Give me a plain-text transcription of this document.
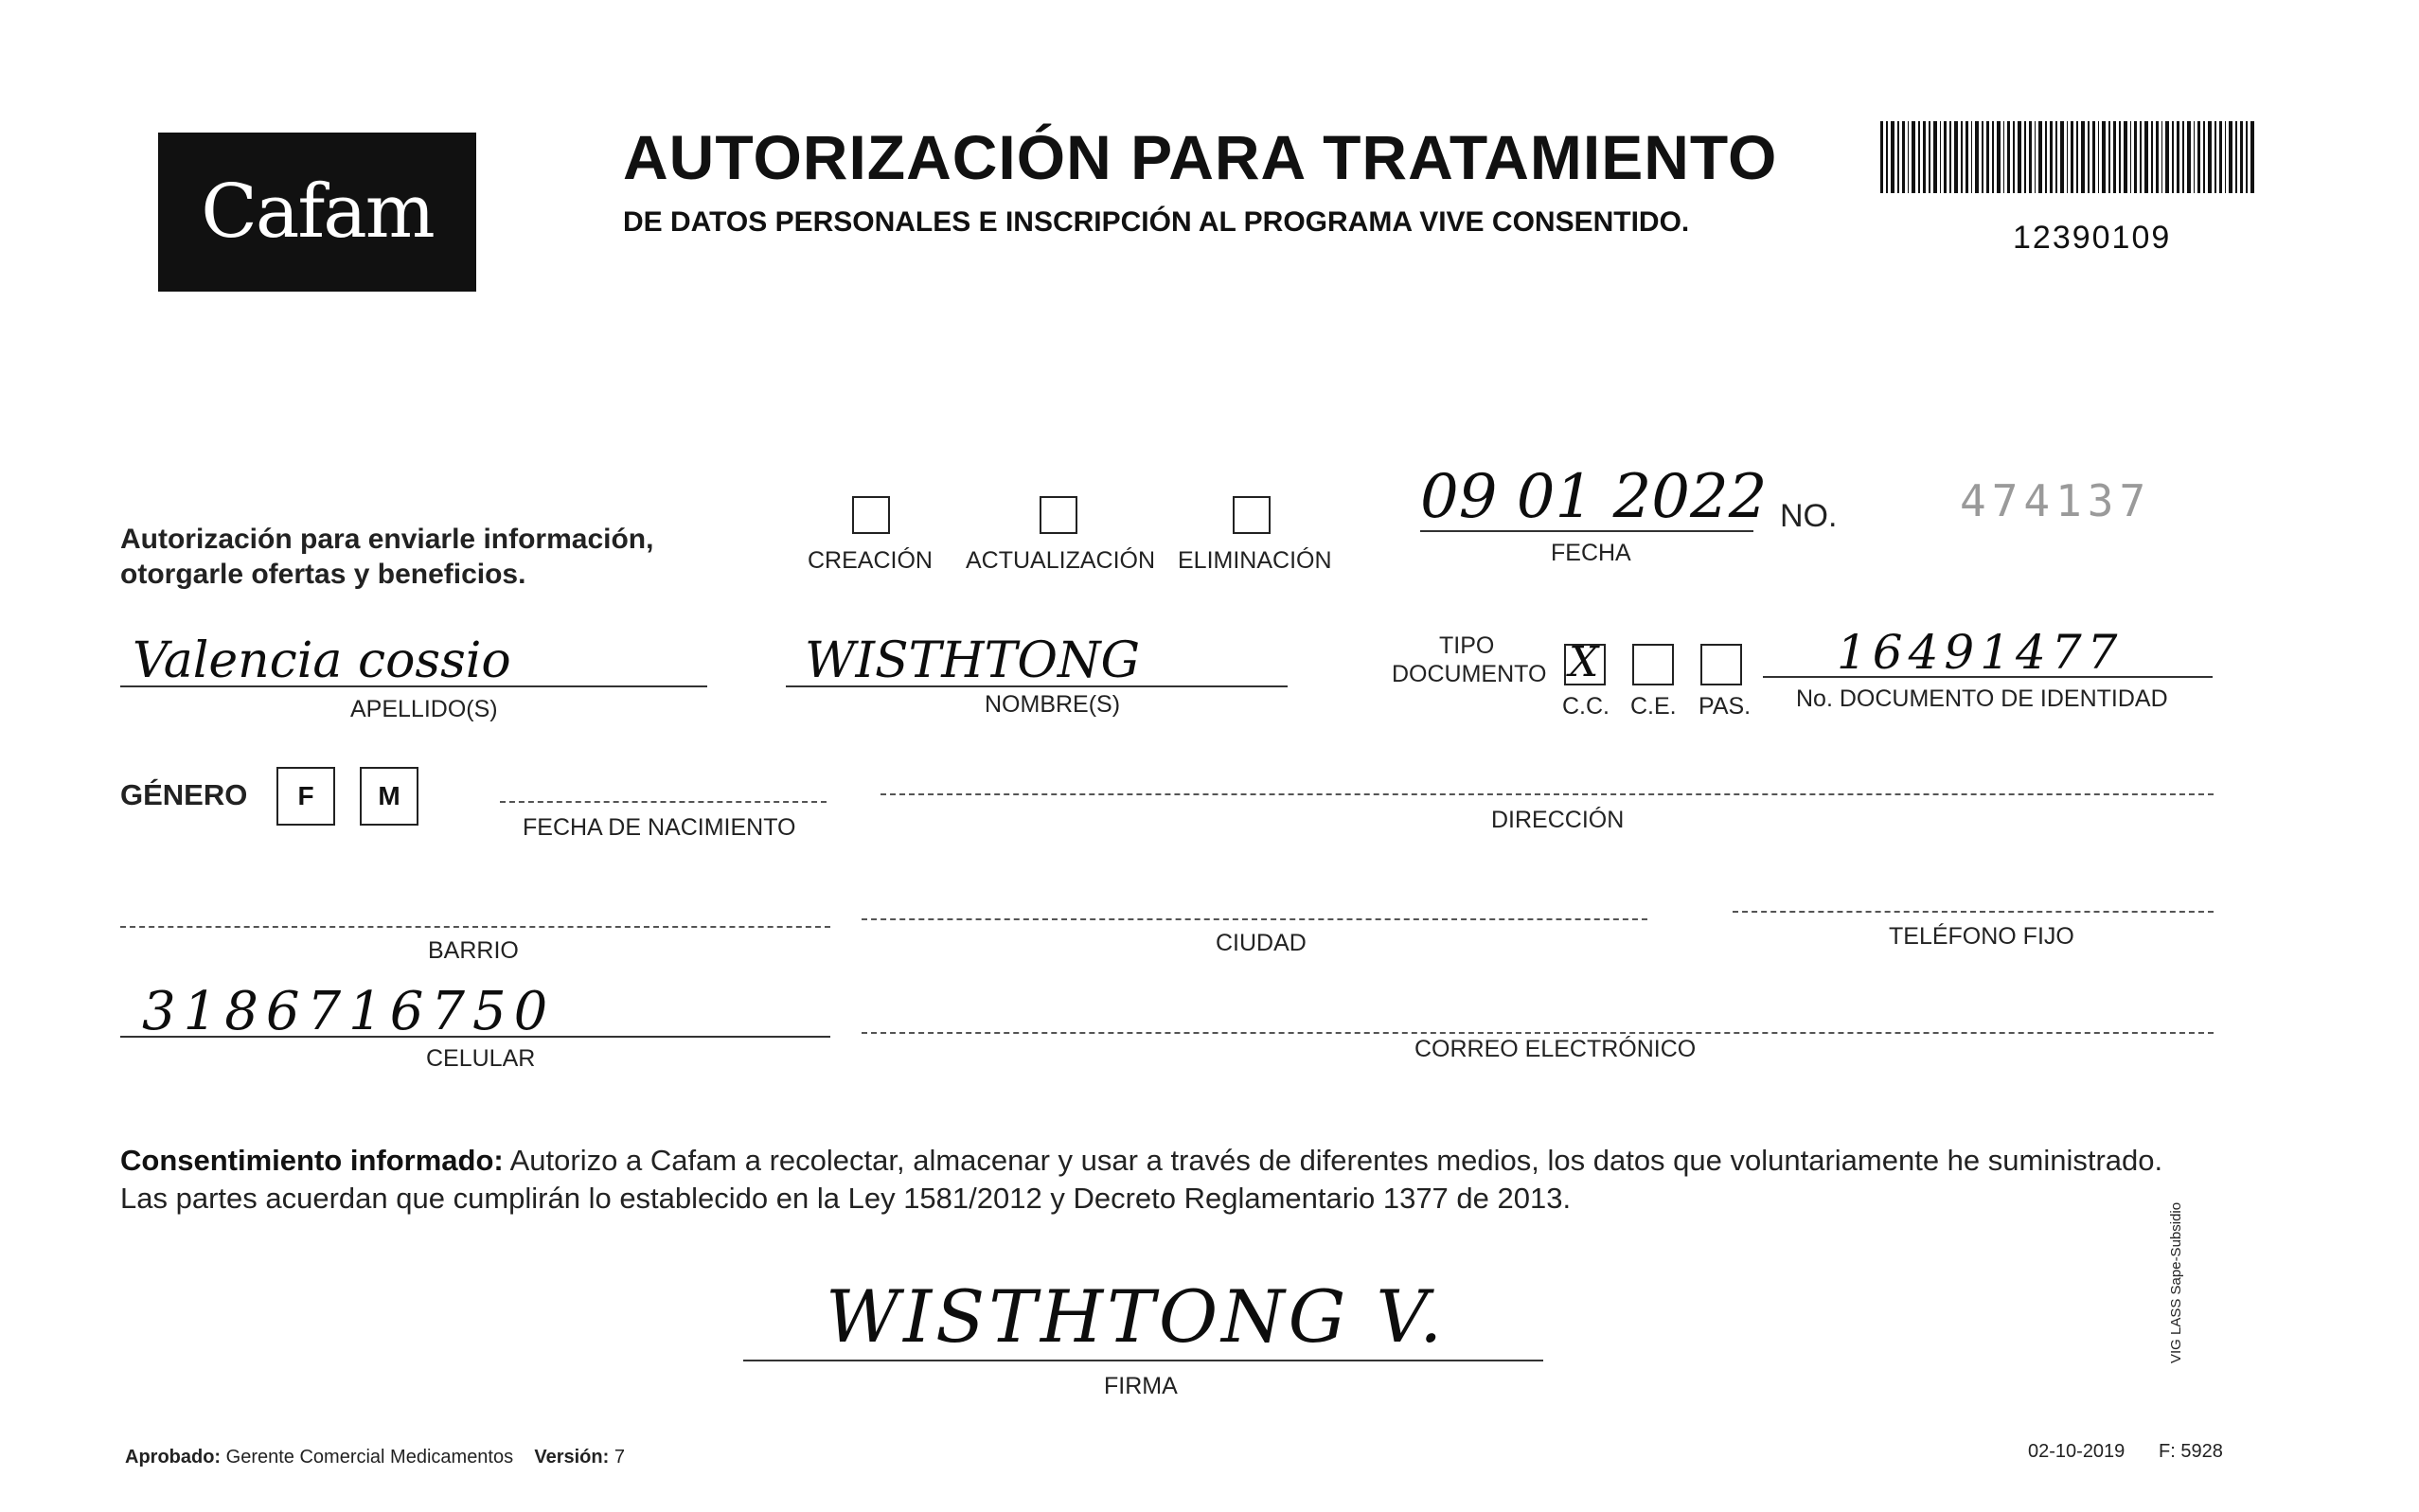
Cafam
AUTORIZACIÓN PARA TRATAMIENTO
DE DATOS PERSONALES E INSCRIPCIÓN AL PROGRAMA VIVE CONSENTIDO.	12390109
Autorización para enviarle información,
otorgarle ofertas y beneficios.	CREACIÓN ACTUALIZACIÓN ELIMINACIÓN
09 01 2022
FECHA
NO.	474137
Valencia cossio
APELLIDO(S)
WISTHTONG
NOMBRE(S)
TIPO
DOCUMENTO X
C.C. C.E. PAS.
16491477
No. DOCUMENTO DE IDENTIDAD
GÉNERO F M
FECHA DE NACIMIENTO	DIRECCIÓN
BARRIO	CIUDAD	TELÉFONO FIJO
3186716750
CELULAR	CORREO ELECTRÓNICO
Consentimiento informado: Autorizo a Cafam a recolectar, almacenar y usar a través de diferentes medios, los datos que voluntariamente he suministrado. Las partes acuerdan que cumplirán lo establecido en la Ley 1581/2012 y Decreto Reglamentario 1377 de 2013.
WISTHTONG V.
FIRMA
Aprobado: Gerente Comercial Medicamentos Versión: 7	02-10-2019 F: 5928
VIG LASS Sape-Subsidio
